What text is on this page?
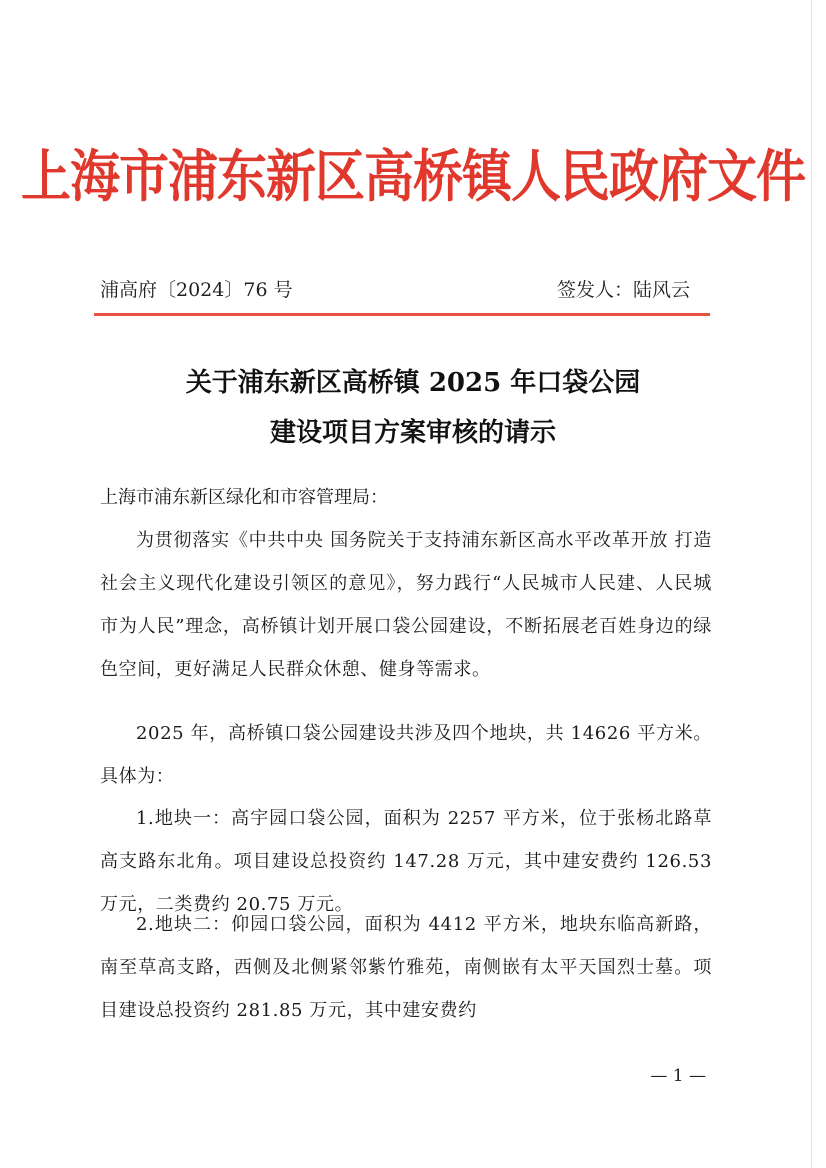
上海市浦东新区高桥镇人民政府文件
浦高府〔2024〕76 号	签发人：陆风云
关于浦东新区高桥镇 2025 年口袋公园
建设项目方案审核的请示
上海市浦东新区绿化和市容管理局：
为贯彻落实《中共中央 国务院关于支持浦东新区高水平改革开放 打造社会主义现代化建设引领区的意见》，努力践行“人民城市人民建、人民城市为人民”理念，高桥镇计划开展口袋公园建设，不断拓展老百姓身边的绿色空间，更好满足人民群众休憩、健身等需求。
2025 年，高桥镇口袋公园建设共涉及四个地块，共 14626 平方米。具体为：
1.地块一：高宇园口袋公园，面积为 2257 平方米，位于张杨北路草高支路东北角。项目建设总投资约 147.28 万元，其中建安费约 126.53 万元，二类费约 20.75 万元。
2.地块二：仰园口袋公园，面积为 4412 平方米，地块东临高新路，南至草高支路，西侧及北侧紧邻紫竹雅苑，南侧嵌有太平天国烈士墓。项目建设总投资约 281.85 万元，其中建安费约
— 1 —
